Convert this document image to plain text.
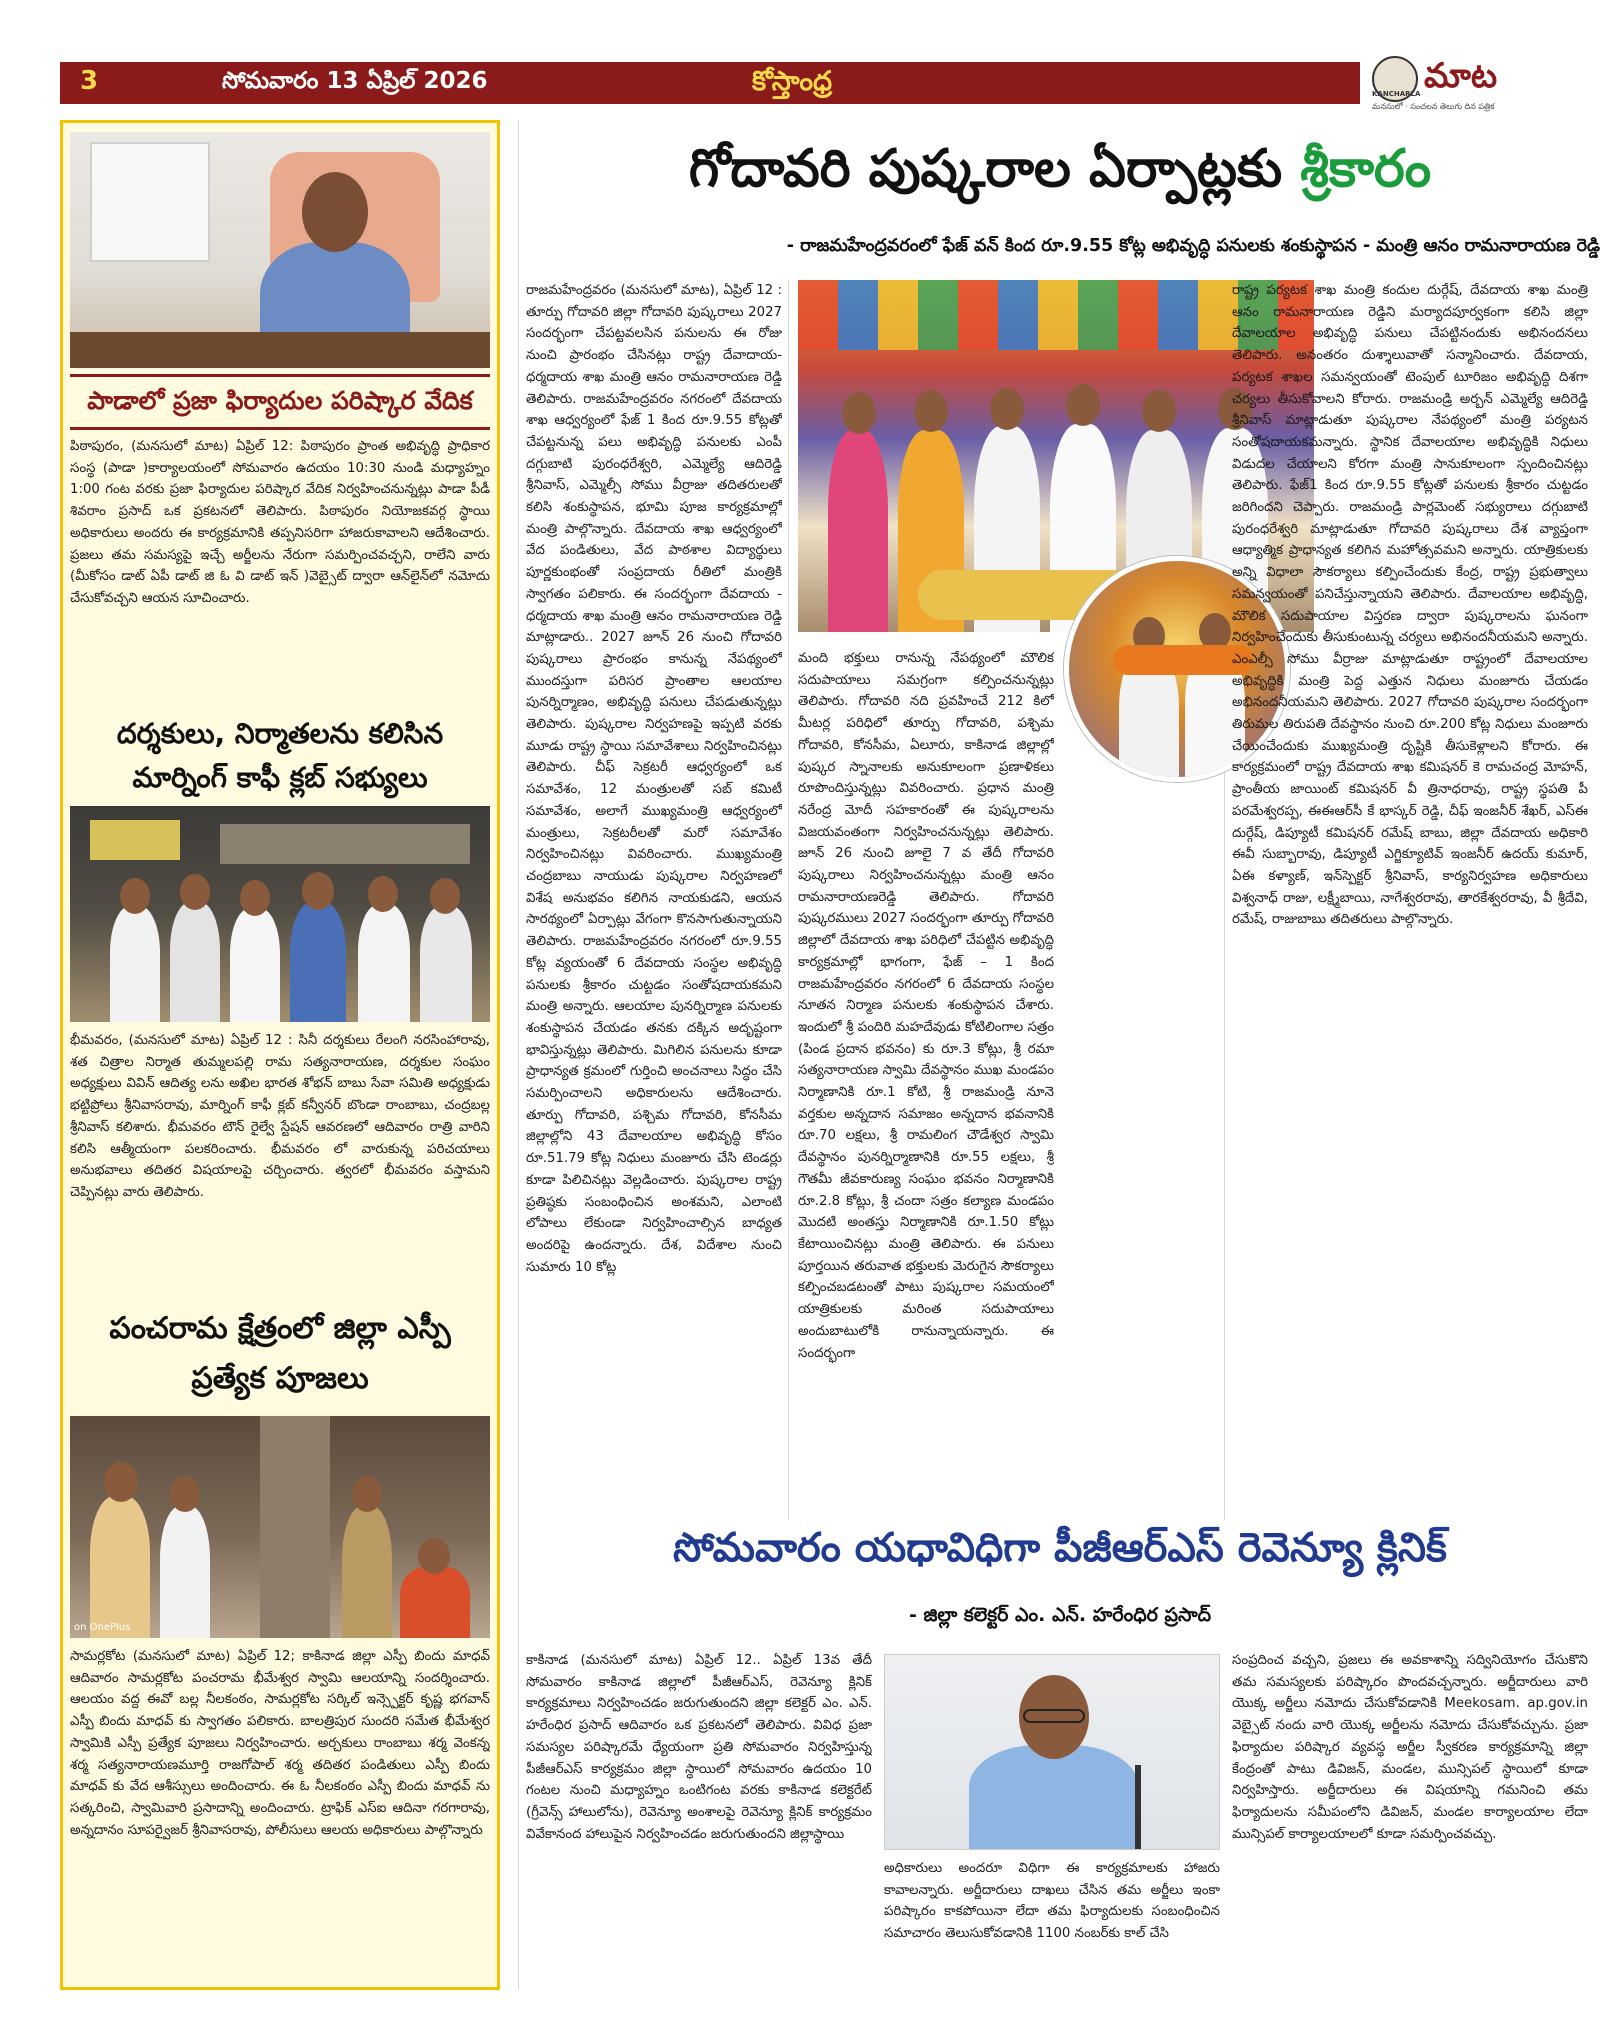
3	సోమవారం 13 ఏప్రిల్ 2026	కోస్తాంధ్ర	మాట
మనసులో · సంచలన తెలుగు దిన పత్రిక
KANCHARLA
పాడాలో ప్రజా ఫిర్యాదుల పరిష్కార వేదిక
పిఠాపురం, (మనసులో మాట) ఏప్రిల్ 12: పిఠాపురం ప్రాంత అభివృద్ధి ప్రాధికార సంస్థ (పాడా )కార్యాలయంలో సోమవారం ఉదయం 10:30 నుండి మధ్యాహ్నం 1:00 గంట వరకు ప్రజా ఫిర్యాదుల పరిష్కార వేదిక నిర్వహించనున్నట్లు పాడా పీడీ శివరాం ప్రసాద్ ఒక ప్రకటనలో తెలిపారు. పిఠాపురం నియోజకవర్గ స్థాయి అధికారులు అందరు ఈ కార్యక్రమానికి తప్పనిసరిగా హాజరుకావాలని ఆదేశించారు. ప్రజలు తమ సమస్యపై ఇచ్చే అర్జీలను నేరుగా సమర్పించవచ్చని, రాలేని వారు (మీకోసం డాట్ ఏపీ డాట్ జి ఓ వి డాట్ ఇన్ )వెబ్సైట్ ద్వారా ఆన్‌లైన్‌లో నమోదు చేసుకోవచ్చని ఆయన సూచించారు.
దర్శకులు, నిర్మాతలను కలిసిన మార్నింగ్ కాఫీ క్లబ్ సభ్యులు
భీమవరం, (మనసులో మాట) ఏప్రిల్ 12 : సినీ దర్శకులు రేలంగి నరసింహారావు, శత చిత్రాల నిర్మాత తుమ్మలపల్లి రామ సత్యనారాయణ, దర్శకుల సంఘం అధ్యక్షులు వివిన్ ఆదిత్య లను అఖిల భారత శోభన్ బాబు సేవా సమితి అధ్యక్షుడు భట్టిప్రోలు శ్రీనివాసరావు, మార్నింగ్ కాఫీ క్లబ్ కన్వీనర్ బొండా రాంబాబు, చంద్రబల్ల శ్రీనివాస్ కలిశారు. భీమవరం టౌన్ రైల్వే స్టేషన్ ఆవరణలో ఆదివారం రాత్రి వారిని కలిసి ఆత్మీయంగా పలకరించారు. భీమవరం లో వారుకున్న పరిచయాలు అనుభవాలు తదితర విషయాలపై చర్చించారు. త్వరలో భీమవరం వస్తామని చెప్పినట్లు వారు తెలిపారు.
పంచరామ క్షేత్రంలో జిల్లా ఎస్పీ ప్రత్యేక పూజలు
on OnePlus
సామర్లకోట (మనసులో మాట) ఏప్రిల్ 12; కాకినాడ జిల్లా ఎస్పీ బిందు మాధవ్ ఆదివారం సామర్లకోట పంచరామ భీమేశ్వర స్వామి ఆలయాన్ని సందర్శించారు. ఆలయం వద్ద ఈవో బల్ల నీలకంఠం, సామర్లకోట సర్కిల్ ఇన్స్పెక్టర్ కృష్ణ భగవాన్ ఎస్పీ బిందు మాధవ్ కు స్వాగతం పలికారు. బాలత్రిపుర సుందరి సమేత భీమేశ్వర స్వామికి ఎస్పీ ప్రత్యేక పూజలు నిర్వహించారు. అర్చకులు రాంబాబు శర్మ వెంకన్న శర్మ సత్యనారాయణమూర్తి రాజగోపాల్ శర్మ తదితర పండితులు ఎస్పీ బిందు మాధవ్ కు వేద ఆశీస్సులు అందించారు. ఈ ఓ నీలకంఠం ఎస్పీ బిందు మాధవ్ ను సత్కరించి, స్వామివారి ప్రసాదాన్ని అందించారు. ట్రాఫిక్ ఎస్ఐ ఆదినా గరగారావు, అన్నదానం సూపర్వైజర్ శ్రీనివాసరావు, పోలీసులు ఆలయ అధికారులు పాల్గొన్నారు
గోదావరి పుష్కరాల ఏర్పాట్లకు శ్రీకారం
- రాజమహేంద్రవరంలో ఫేజ్ వన్ కింద రూ.9.55 కోట్ల అభివృద్ధి పనులకు శంకుస్థాపన - మంత్రి ఆనం రామనారాయణ రెడ్డి
రాజమహేంద్రవరం (మనసులో మాట), ఏప్రిల్ 12 : తూర్పు గోదావరి జిల్లా గోదావరి పుష్కరాలు 2027 సందర్భంగా చేపట్టవలసిన పనులను ఈ రోజు నుంచి ప్రారంభం చేసినట్లు రాష్ట్ర దేవాదాయ- ధర్మదాయ శాఖ మంత్రి ఆనం రామనారాయణ రెడ్డి తెలిపారు. రాజమహేంద్రవరం నగరంలో దేవదాయ శాఖ ఆధ్వర్యంలో ఫేజ్ 1 కింద రూ.9.55 కోట్లతో చేపట్టనున్న పలు అభివృద్ధి పనులకు ఎంపీ దగ్గుబాటి పురంధరేశ్వరి, ఎమ్మెల్యే ఆదిరెడ్డి శ్రీనివాస్, ఎమ్మెల్సీ సోము వీర్రాజు తదితరులతో కలిసి శంకుస్థాపన, భూమి పూజ కార్యక్రమాల్లో మంత్రి పాల్గొన్నారు. దేవదాయ శాఖ ఆధ్వర్యంలో వేద పండితులు, వేద పాఠశాల విద్యార్థులు పూర్ణకుంభంతో సంప్రదాయ రీతిలో మంత్రికి స్వాగతం పలికారు. ఈ సందర్భంగా దేవదాయ - ధర్మదాయ శాఖ మంత్రి ఆనం రామనారాయణ రెడ్డి మాట్లాడారు.. 2027 జూన్ 26 నుంచి గోదావరి పుష్కరాలు ప్రారంభం కానున్న నేపథ్యంలో ముందస్తుగా పరిసర ప్రాంతాల ఆలయాల పునర్నిర్మాణం, అభివృద్ధి పనులు చేపడుతున్నట్లు తెలిపారు. పుష్కరాల నిర్వహణపై ఇప్పటి వరకు మూడు రాష్ట్ర స్థాయి సమావేశాలు నిర్వహించినట్లు తెలిపారు. చీఫ్ సెక్రటరీ ఆధ్వర్యంలో ఒక సమావేశం, 12 మంత్రులతో సబ్ కమిటీ సమావేశం, అలాగే ముఖ్యమంత్రి ఆధ్వర్యంలో మంత్రులు, సెక్రటరీలతో మరో సమావేశం నిర్వహించినట్లు వివరించారు. ముఖ్యమంత్రి చంద్రబాబు నాయుడు పుష్కరాల నిర్వహణలో విశేష అనుభవం కలిగిన నాయకుడని, ఆయన సారథ్యంలో ఏర్పాట్లు వేగంగా కొనసాగుతున్నాయని తెలిపారు. రాజమహేంద్రవరం నగరంలో రూ.9.55 కోట్ల వ్యయంతో 6 దేవదాయ సంస్థల అభివృద్ధి పనులకు శ్రీకారం చుట్టడం సంతోషదాయకమని మంత్రి అన్నారు. ఆలయాల పునర్నిర్మాణ పనులకు శంకుస్థాపన చేయడం తనకు దక్కిన అదృష్టంగా భావిస్తున్నట్లు తెలిపారు. మిగిలిన పనులను కూడా ప్రాధాన్యత క్రమంలో గుర్తించి అంచనాలు సిద్ధం చేసి సమర్పించాలని అధికారులను ఆదేశించారు. తూర్పు గోదావరి, పశ్చిమ గోదావరి, కోనసీమ జిల్లాల్లోని 43 దేవాలయాల అభివృద్ధి కోసం రూ.51.79 కోట్ల నిధులు మంజూరు చేసి టెండర్లు కూడా పిలిచినట్లు వెల్లడించారు. పుష్కరాల రాష్ట్ర ప్రతిష్ఠకు సంబంధించిన అంశమని, ఎలాంటి లోపాలు లేకుండా నిర్వహించాల్సిన బాధ్యత అందరిపై ఉందన్నారు. దేశ, విదేశాల నుంచి సుమారు 10 కోట్ల
మంది భక్తులు రానున్న నేపథ్యంలో మౌలిక సదుపాయాలు సమగ్రంగా కల్పించనున్నట్లు తెలిపారు. గోదావరి నది ప్రవహించే 212 కిలో మీటర్ల పరిధిలో తూర్పు గోదావరి, పశ్చిమ గోదావరి, కోనసీమ, ఏలూరు, కాకినాడ జిల్లాల్లో పుష్కర స్నానాలకు అనుకూలంగా ప్రణాళికలు రూపొందిస్తున్నట్లు వివరించారు. ప్రధాన మంత్రి నరేంద్ర మోదీ సహకారంతో ఈ పుష్కరాలను విజయవంతంగా నిర్వహించనున్నట్లు తెలిపారు. జూన్ 26 నుంచి జూలై 7 వ తేదీ గోదావరి పుష్కరాలు నిర్వహించనున్నట్లు మంత్రి ఆనం రామనారాయణరెడ్డి తెలిపారు. గోదావరి పుష్కరములు 2027 సందర్భంగా తూర్పు గోదావరి జిల్లాలో దేవదాయ శాఖ పరిధిలో చేపట్టిన అభివృద్ధి కార్యక్రమాల్లో భాగంగా, ఫేజ్ – 1 కింద రాజమహేంద్రవరం నగరంలో 6 దేవదాయ సంస్థల నూతన నిర్మాణ పనులకు శంకుస్థాపన చేశారు. ఇందులో శ్రీ పందిరి మహదేవుడు కోటిలింగాల సత్రం (పిండ ప్రదాన భవనం) కు రూ.3 కోట్లు, శ్రీ రమా సత్యనారాయణ స్వామి దేవస్థానం ముఖ మండపం నిర్మాణానికి రూ.1 కోటి, శ్రీ రాజమండ్రి నూనె వర్తకుల అన్నదాన సమాజం అన్నదాన భవనానికి రూ.70 లక్షలు, శ్రీ రామలింగ చౌడేశ్వర స్వామి దేవస్థానం పునర్నిర్మాణానికి రూ.55 లక్షలు, శ్రీ గౌతమీ జీవకారుణ్య సంఘం భవనం నిర్మాణానికి రూ.2.8 కోట్లు, శ్రీ చందా సత్రం కల్యాణ మండపం మొదటి అంతస్తు నిర్మాణానికి రూ.1.50 కోట్లు కేటాయించినట్లు మంత్రి తెలిపారు. ఈ పనులు పూర్తయిన తరువాత భక్తులకు మెరుగైన సౌకర్యాలు కల్పించబడటంతో పాటు పుష్కరాల సమయంలో యాత్రికులకు మరింత సదుపాయాలు అందుబాటులోకి రానున్నాయన్నారు. ఈ సందర్భంగా
రాష్ట్ర పర్యటక శాఖ మంత్రి కందుల దుర్గేష్, దేవదాయ శాఖ మంత్రి ఆనం రామనారాయణ రెడ్డిని మర్యాదపూర్వకంగా కలిసి జిల్లా దేవాలయాల అభివృద్ధి పనులు చేపట్టినందుకు అభినందనలు తెలిపారు. అనంతరం దుశ్శాలువాతో సన్మానించారు. దేవదాయ, పర్యటక శాఖల సమన్వయంతో టెంపుల్ టూరిజం అభివృద్ధి దిశగా చర్యలు తీసుకోవాలని కోరారు. రాజమండ్రి అర్బన్ ఎమ్మెల్యే ఆదిరెడ్డి శ్రీనివాస్ మాట్లాడుతూ పుష్కరాల నేపథ్యంలో మంత్రి పర్యటన సంతోషదాయకమన్నారు. స్థానిక దేవాలయాల అభివృద్ధికి నిధులు విడుదల చేయాలని కోరగా మంత్రి సానుకూలంగా స్పందించినట్లు తెలిపారు. ఫేజ్1 కింద రూ.9.55 కోట్లతో పనులకు శ్రీకారం చుట్టడం జరిగిందని చెప్పారు. రాజమండ్రి పార్లమెంట్ సభ్యురాలు దగ్గుబాటి పురంధరేశ్వరి మాట్లాడుతూ గోదావరి పుష్కరాలు దేశ వ్యాప్తంగా ఆధ్యాత్మిక ప్రాధాన్యత కలిగిన మహోత్సవమని అన్నారు. యాత్రికులకు అన్ని విధాలా సౌకర్యాలు కల్పించేందుకు కేంద్ర, రాష్ట్ర ప్రభుత్వాలు సమన్వయంతో పనిచేస్తున్నాయని తెలిపారు. దేవాలయాల అభివృద్ధి, మౌలిక సదుపాయాల విస్తరణ ద్వారా పుష్కరాలను ఘనంగా నిర్వహించేందుకు తీసుకుంటున్న చర్యలు అభినందనీయమని అన్నారు. ఎంఎల్సీ సోము వీర్రాజు మాట్లాడుతూ రాష్ట్రంలో దేవాలయాల అభివృద్ధికి మంత్రి పెద్ద ఎత్తున నిధులు మంజూరు చేయడం అభినందనీయమని తెలిపారు. 2027 గోదావరి పుష్కరాల సందర్భంగా తిరుమల తిరుపతి దేవస్థానం నుంచి రూ.200 కోట్ల నిధులు మంజూరు చేయించేందుకు ముఖ్యమంత్రి దృష్టికి తీసుకెళ్లాలని కోరారు. ఈ కార్యక్రమంలో రాష్ట్ర దేవదాయ శాఖ కమిషనర్ కె రామచంద్ర మోహన్, ప్రాంతీయ జాయింట్ కమిషనర్ వీ త్రినాధరావు, రాష్ట్ర స్థపతి పీ పరమేశ్వరప్ప, ఈఈఆర్‌సీ కే భాస్కర్ రెడ్డి, చీఫ్ ఇంజనీర్ శేఖర్, ఎస్ఈ దుర్గేష్, డిప్యూటీ కమిషనర్ రమేష్ బాబు, జిల్లా దేవదాయ అధికారి ఈవీ సుబ్బారావు, డిప్యూటీ ఎగ్జిక్యూటివ్ ఇంజనీర్ ఉదయ్ కుమార్, ఏఈ కళ్యాణ్, ఇన్‌స్పెక్టర్ శ్రీనివాస్, కార్యనిర్వహణ అధికారులు విశ్వనాధ్ రాజు, లక్ష్మీబాయి, నాగేశ్వరరావు, తారకేశ్వరరావు, వీ శ్రీదేవి, రమేష్, రాజుబాబు తదితరులు పాల్గొన్నారు.
సోమవారం యధావిధిగా పీజీఆర్ఎస్ రెవెన్యూ క్లినిక్
- జిల్లా కలెక్టర్ ఎం. ఎన్. హరేంధిర ప్రసాద్
కాకినాడ (మనసులో మాట) ఏప్రిల్ 12.. ఏప్రిల్ 13వ తేదీ సోమవారం కాకినాడ జిల్లాలో పీజీఆర్ఎస్, రెవెన్యూ క్లినిక్ కార్యక్రమాలు నిర్వహించడం జరుగుతుందని జిల్లా కలెక్టర్ ఎం. ఎన్. హరేంధిర ప్రసాద్ ఆదివారం ఒక ప్రకటనలో తెలిపారు. వివిధ ప్రజా సమస్యల పరిష్కారమే ధ్యేయంగా ప్రతి సోమవారం నిర్వహిస్తున్న పీజీఆర్ఎస్ కార్యక్రమం జిల్లా స్థాయిలో సోమవారం ఉదయం 10 గంటల నుంచి మధ్యాహ్నం ఒంటిగంట వరకు కాకినాడ కలెక్టరేట్ (గ్రీవెన్స్ హాలులోను), రెవెన్యూ అంశాలపై రెవెన్యూ క్లినిక్ కార్యక్రమం వివేకానంద హాలుపైన నిర్వహించడం జరుగుతుందని జిల్లాస్థాయి
అధికారులు అందరూ విధిగా ఈ కార్యక్రమాలకు హాజరు కావాలన్నారు. అర్జీదారులు దాఖలు చేసిన తమ అర్జీలు ఇంకా పరిష్కారం కాకపోయినా లేదా తమ ఫిర్యాదులకు సంబంధించిన సమాచారం తెలుసుకోవడానికి 1100 నంబర్‌కు కాల్ చేసి
సంప్రదించ వచ్చని, ప్రజలు ఈ అవకాశాన్ని సద్వినియోగం చేసుకొని తమ సమస్యలకు పరిష్కారం పొందవచ్చన్నారు. అర్జీదారులు వారి యొక్క అర్జీలు నమోదు చేసుకోవడానికి Meekosam. ap.gov.in వెబ్సైట్ నందు వారి యొక్క అర్జీలను నమోదు చేసుకోవచ్చును. ప్రజా ఫిర్యాదుల పరిష్కార వ్యవస్థ అర్జీల స్వీకరణ కార్యక్రమాన్ని జిల్లా కేంద్రంతో పాటు డివిజన్, మండల, మున్సిపల్ స్థాయిలో కూడా నిర్వహిస్తారు. అర్జీదారులు ఈ విషయాన్ని గమనించి తమ ఫిర్యాదులను సమీపంలోని డివిజన్, మండల కార్యాలయాల లేదా మున్సిపల్ కార్యాలయాలలో కూడా సమర్పించవచ్చు.
